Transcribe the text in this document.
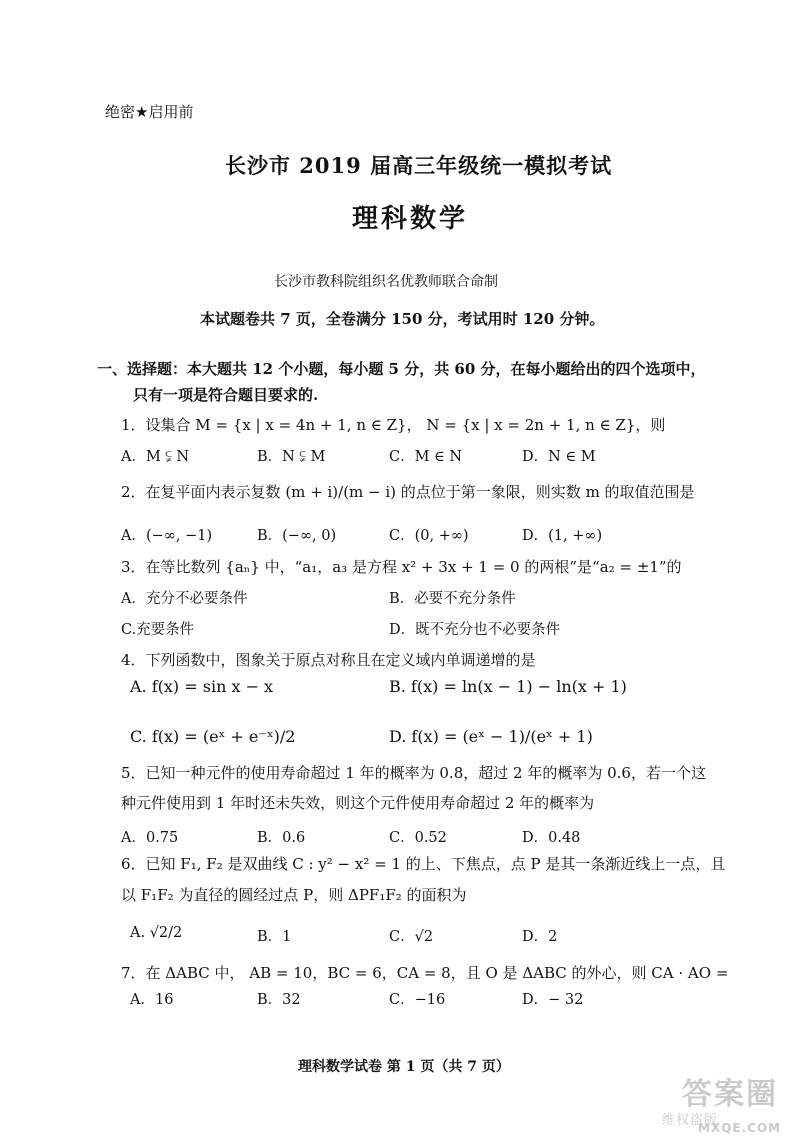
绝密★启用前
长沙市 2019 届高三年级统一模拟考试
理科数学
长沙市教科院组织名优教师联合命制
本试题卷共 7 页，全卷满分 150 分，考试用时 120 分钟。
一、选择题：本大题共 12 个小题，每小题 5 分，共 60 分，在每小题给出的四个选项中，
只有一项是符合题目要求的.
1．设集合 M = {x | x = 4n + 1, n ∈ Z}， N = {x | x = 2n + 1, n ∈ Z}，则
A．M ⫋ N	B．N ⫋ M	C．M ∈ N	D．N ∈ M
2．在复平面内表示复数 (m + i)/(m − i) 的点位于第一象限，则实数 m 的取值范围是
A．(−∞, −1)	B．(−∞, 0)	C．(0, +∞)	D．(1, +∞)
3．在等比数列 {aₙ} 中，“a₁，a₃ 是方程 x² + 3x + 1 = 0 的两根”是“a₂ = ±1”的
A．充分不必要条件	B．必要不充分条件
C.充要条件	D．既不充分也不必要条件
4．下列函数中，图象关于原点对称且在定义域内单调递增的是
A. f(x) = sin x − x	B. f(x) = ln(x − 1) − ln(x + 1)
C. f(x) = (eˣ + e⁻ˣ)/2	D. f(x) = (eˣ − 1)/(eˣ + 1)
5．已知一种元件的使用寿命超过 1 年的概率为 0.8，超过 2 年的概率为 0.6，若一个这
种元件使用到 1 年时还未失效，则这个元件使用寿命超过 2 年的概率为
A．0.75	B．0.6	C．0.52	D．0.48
6．已知 F₁, F₂ 是双曲线 C : y² − x² = 1 的上、下焦点，点 P 是其一条渐近线上一点，且
以 F₁F₂ 为直径的圆经过点 P，则 ΔPF₁F₂ 的面积为
A. √2/2	B．1	C．√2	D．2
7．在 ΔABC 中， AB = 10，BC = 6，CA = 8，且 O 是 ΔABC 的外心，则 CA · AO =
A．16	B．32	C．−16	D．− 32
理科数学试卷 第 1 页（共 7 页）
答案圈
维权盗版
MXQE.COM
